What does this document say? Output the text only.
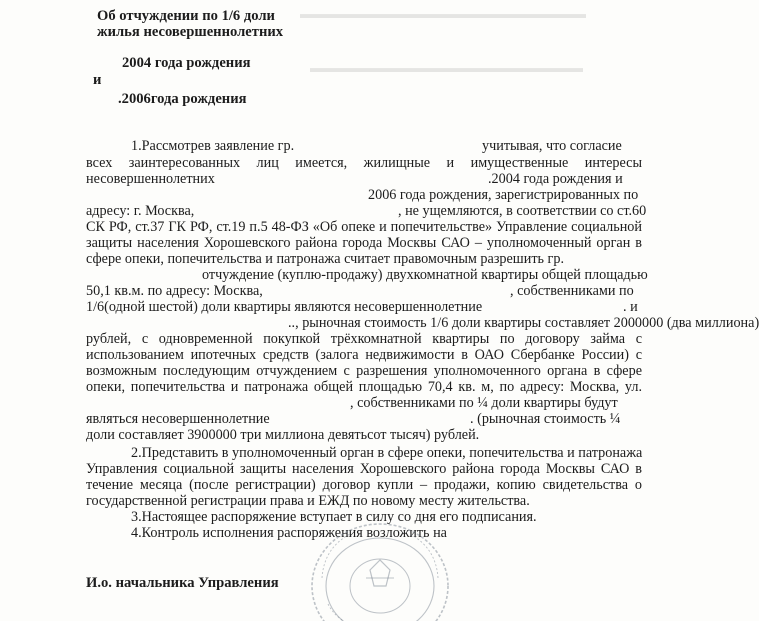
▬▬▬▬▬▬▬▬▬▬▬▬▬▬▬▬▬▬▬▬▬▬
▬▬▬▬▬▬▬▬▬▬▬▬▬▬▬▬▬▬▬▬▬
Об отчуждении по 1/6 доли
жилья несовершеннолетних
2004 года рождения
и
.2006года рождения
1.Рассмотрев заявление гр.	учитывая, что согласие
всех заинтересованных лиц имеется, жилищные и имущественные интересы
несовершеннолетних	.2004 года рождения и
2006 года рождения, зарегистрированных по
адресу: г. Москва,	, не ущемляются, в соответствии со ст.60
СК РФ, ст.37 ГК РФ, ст.19 п.5 48-ФЗ «Об опеке и попечительстве» Управление социальной
защиты населения Хорошевского района города Москвы САО – уполномоченный орган в
сфере опеки, попечительства и патронажа считает правомочным разрешить гр.
отчуждение (куплю-продажу) двухкомнатной квартиры общей площадью
50,1 кв.м. по адресу: Москва,	, собственниками по
1/6(одной шестой) доли квартиры являются несовершеннолетние	. и
.., рыночная стоимость 1/6 доли квартиры составляет 2000000 (два миллиона)
рублей, с одновременной покупкой трёхкомнатной квартиры по договору займа с
использованием ипотечных средств (залога недвижимости в ОАО Сбербанке России) с
возможным последующим отчуждением с разрешения уполномоченного органа в сфере
опеки, попечительства и патронажа общей площадью 70,4 кв. м, по адресу: Москва, ул.
, собственниками по ¼ доли квартиры будут
являться несовершеннолетние	. (рыночная стоимость ¼
доли составляет 3900000 три миллиона девятьсот тысяч) рублей.
2.Представить в уполномоченный орган в сфере опеки, попечительства и патронажа
Управления социальной защиты населения Хорошевского района города Москвы САО в
течение месяца (после регистрации) договор купли – продажи, копию свидетельства о
государственной регистрации права и ЕЖД по новому месту жительства.
3.Настоящее распоряжение вступает в силу со дня его подписания.
4.Контроль исполнения распоряжения возложить на
И.о. начальника Управления
